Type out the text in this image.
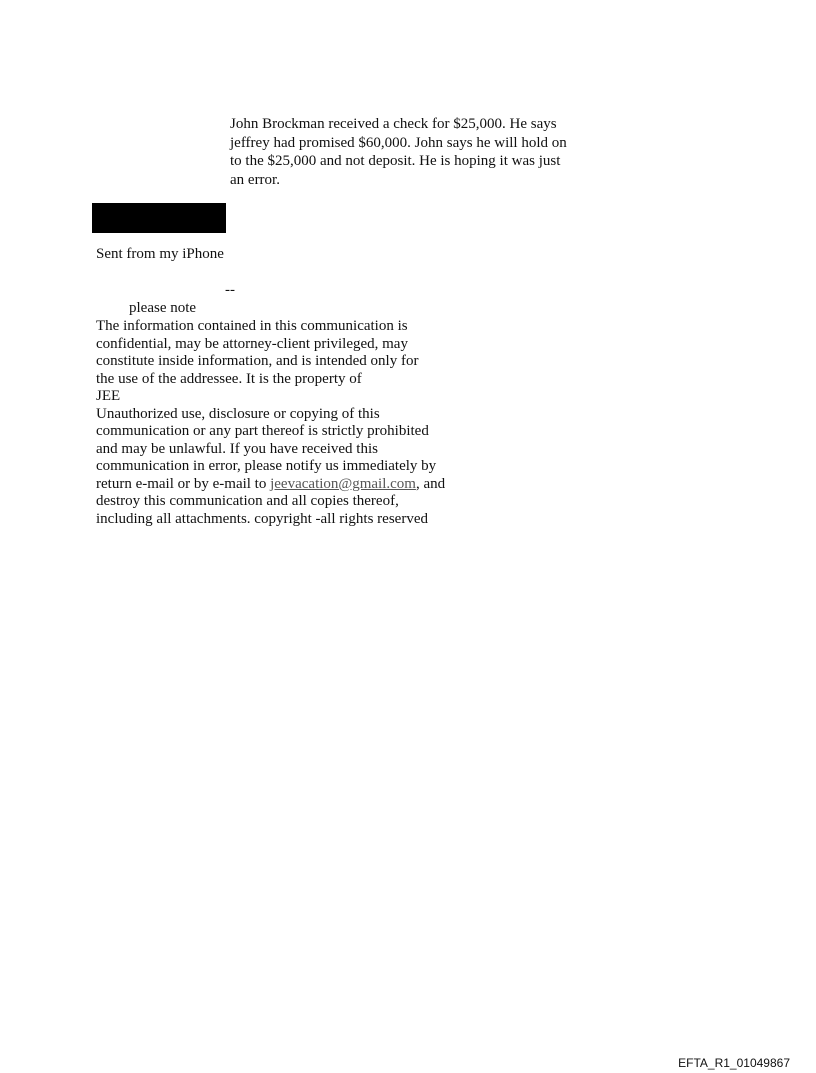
John Brockman received a check for $25,000. He says
jeffrey had promised $60,000. John says he will hold on
to the $25,000 and not deposit. He is hoping it was just
an error.
Sent from my iPhone
--
please note
The information contained in this communication is
confidential, may be attorney-client privileged, may
constitute inside information, and is intended only for
the use of the addressee. It is the property of
JEE
Unauthorized use, disclosure or copying of this
communication or any part thereof is strictly prohibited
and may be unlawful. If you have received this
communication in error, please notify us immediately by
return e-mail or by e-mail to jeevacation@gmail.com, and
destroy this communication and all copies thereof,
including all attachments. copyright -all rights reserved
EFTA_R1_01049867
